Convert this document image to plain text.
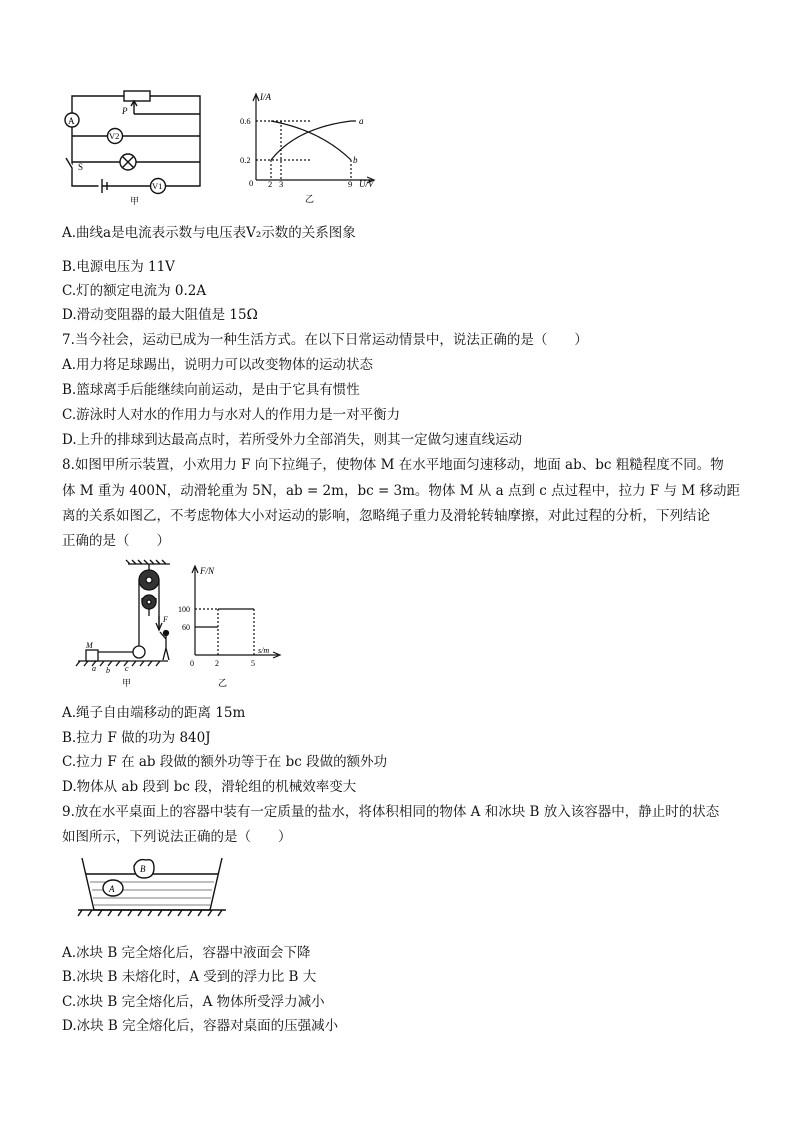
P
A
V2
S
V1
甲
I/A
0.6
0.2
0 2 3	9 U/V
a
b
乙
A.曲线a是电流表示数与电压表V₂示数的关系图象
B.电源电压为 11V
C.灯的额定电流为 0.2A
D.滑动变阻器的最大阻值是 15Ω
7.当今社会，运动已成为一种生活方式。在以下日常运动情景中，说法正确的是（　　）
A.用力将足球踢出，说明力可以改变物体的运动状态
B.篮球离手后能继续向前运动，是由于它具有惯性
C.游泳时人对水的作用力与水对人的作用力是一对平衡力
D.上升的排球到达最高点时，若所受外力全部消失，则其一定做匀速直线运动
8.如图甲所示装置，小欢用力 F 向下拉绳子，使物体 M 在水平地面匀速移动，地面 ab、bc 粗糙程度不同。物
体 M 重为 400N，动滑轮重为 5N，ab = 2m，bc = 3m。物体 M 从 a 点到 c 点过程中，拉力 F 与 M 移动距
离的关系如图乙，不考虑物体大小对运动的影响，忽略绳子重力及滑轮转轴摩擦，对此过程的分析，下列结论
正确的是（　　）
M
a b c
F
甲
F/N
100
60
0	2	5
s/m
乙
A.绳子自由端移动的距离 15m
B.拉力 F 做的功为 840J
C.拉力 F 在 ab 段做的额外功等于在 bc 段做的额外功
D.物体从 ab 段到 bc 段，滑轮组的机械效率变大
9.放在水平桌面上的容器中装有一定质量的盐水，将体积相同的物体 A 和冰块 B 放入该容器中，静止时的状态
如图所示，下列说法正确的是（　　）
A
B
A.冰块 B 完全熔化后，容器中液面会下降
B.冰块 B 未熔化时，A 受到的浮力比 B 大
C.冰块 B 完全熔化后，A 物体所受浮力减小
D.冰块 B 完全熔化后，容器对桌面的压强减小
